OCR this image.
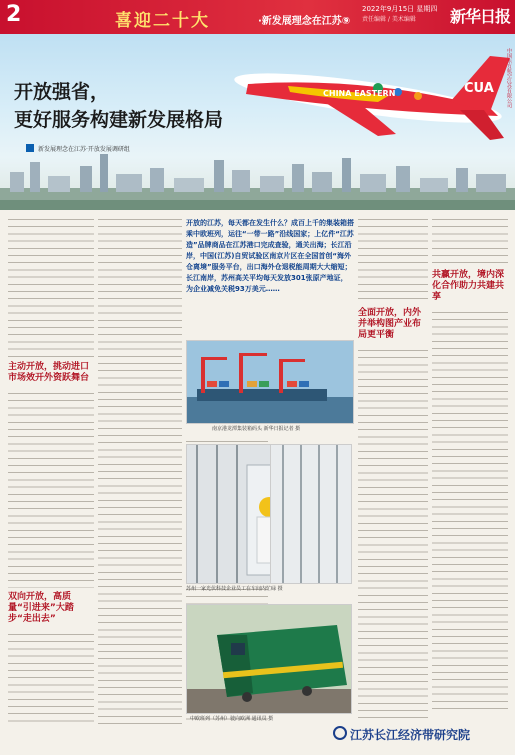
2	喜迎二十大	·新发展理念在江苏⑨
2022年9月15日 星期四
责任编辑 / 美术编辑 新华日报
开放强省，
更好服务构建新发展格局
新发展理念在江苏·开放发展调研组
CHINA EASTERN	CUA	中国东方航空江苏有限公司
主动开放，挑动进口市场效开外资跃舞台
双向开放，高质量“引进来”大踏步“走出去”
开放的江苏，每天都在发生什么？成百上千的集装箱搭乘中欧班列，运往“一带一路”沿线国家；上亿件“江苏造”品牌商品在江苏港口完成查验，通关出海；长江沿岸，中国(江苏)自贸试验区南京片区在全国首创“海外仓离境”服务平台，出口海外仓退税能周期大大缩短；长江南岸，苏州高关平均每天发放301张原产地证，为企业减免关税93万美元……
南京港龙潭集装箱码头 新华日报记者 摄
苏州一家光伏科技企业员工在车间内忙碌 摄
中欧班列（苏州）驶向欧洲 通讯员 摄
全面开放，内外并举构图产业布局更平衡
共赢开放，境内深化合作助力共建共享
江苏长江经济带研究院
